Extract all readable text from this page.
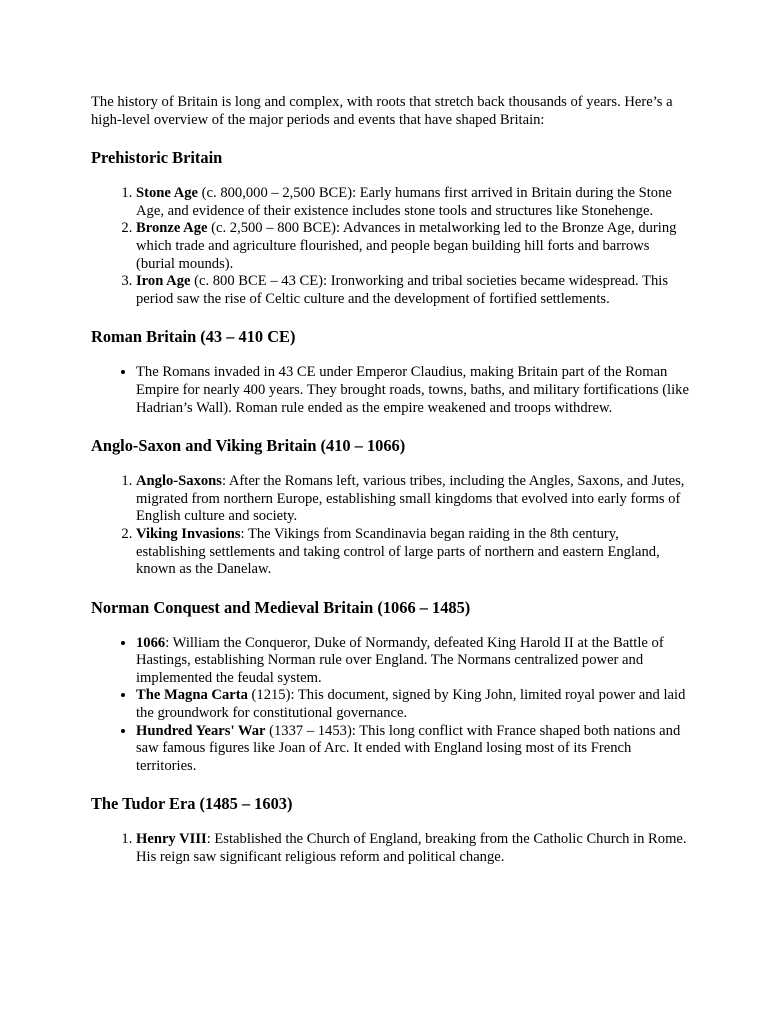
The history of Britain is long and complex, with roots that stretch back thousands of years. Here’s a high-level overview of the major periods and events that have shaped Britain:

Prehistoric Britain
1. Stone Age (c. 800,000 – 2,500 BCE): Early humans first arrived in Britain during the Stone Age, and evidence of their existence includes stone tools and structures like Stonehenge.
2. Bronze Age (c. 2,500 – 800 BCE): Advances in metalworking led to the Bronze Age, during which trade and agriculture flourished, and people began building hill forts and barrows (burial mounds).
3. Iron Age (c. 800 BCE – 43 CE): Ironworking and tribal societies became widespread. This period saw the rise of Celtic culture and the development of fortified settlements.
Roman Britain (43 – 410 CE)
• The Romans invaded in 43 CE under Emperor Claudius, making Britain part of the Roman Empire for nearly 400 years. They brought roads, towns, baths, and military fortifications (like Hadrian’s Wall). Roman rule ended as the empire weakened and troops withdrew.
Anglo-Saxon and Viking Britain (410 – 1066)
1. Anglo-Saxons: After the Romans left, various tribes, including the Angles, Saxons, and Jutes, migrated from northern Europe, establishing small kingdoms that evolved into early forms of English culture and society.
2. Viking Invasions: The Vikings from Scandinavia began raiding in the 8th century, establishing settlements and taking control of large parts of northern and eastern England, known as the Danelaw.
Norman Conquest and Medieval Britain (1066 – 1485)
• 1066: William the Conqueror, Duke of Normandy, defeated King Harold II at the Battle of Hastings, establishing Norman rule over England. The Normans centralized power and implemented the feudal system.
• The Magna Carta (1215): This document, signed by King John, limited royal power and laid the groundwork for constitutional governance.
• Hundred Years' War (1337 – 1453): This long conflict with France shaped both nations and saw famous figures like Joan of Arc. It ended with England losing most of its French territories.
The Tudor Era (1485 – 1603)
1. Henry VIII: Established the Church of England, breaking from the Catholic Church in Rome. His reign saw significant religious reform and political change.
